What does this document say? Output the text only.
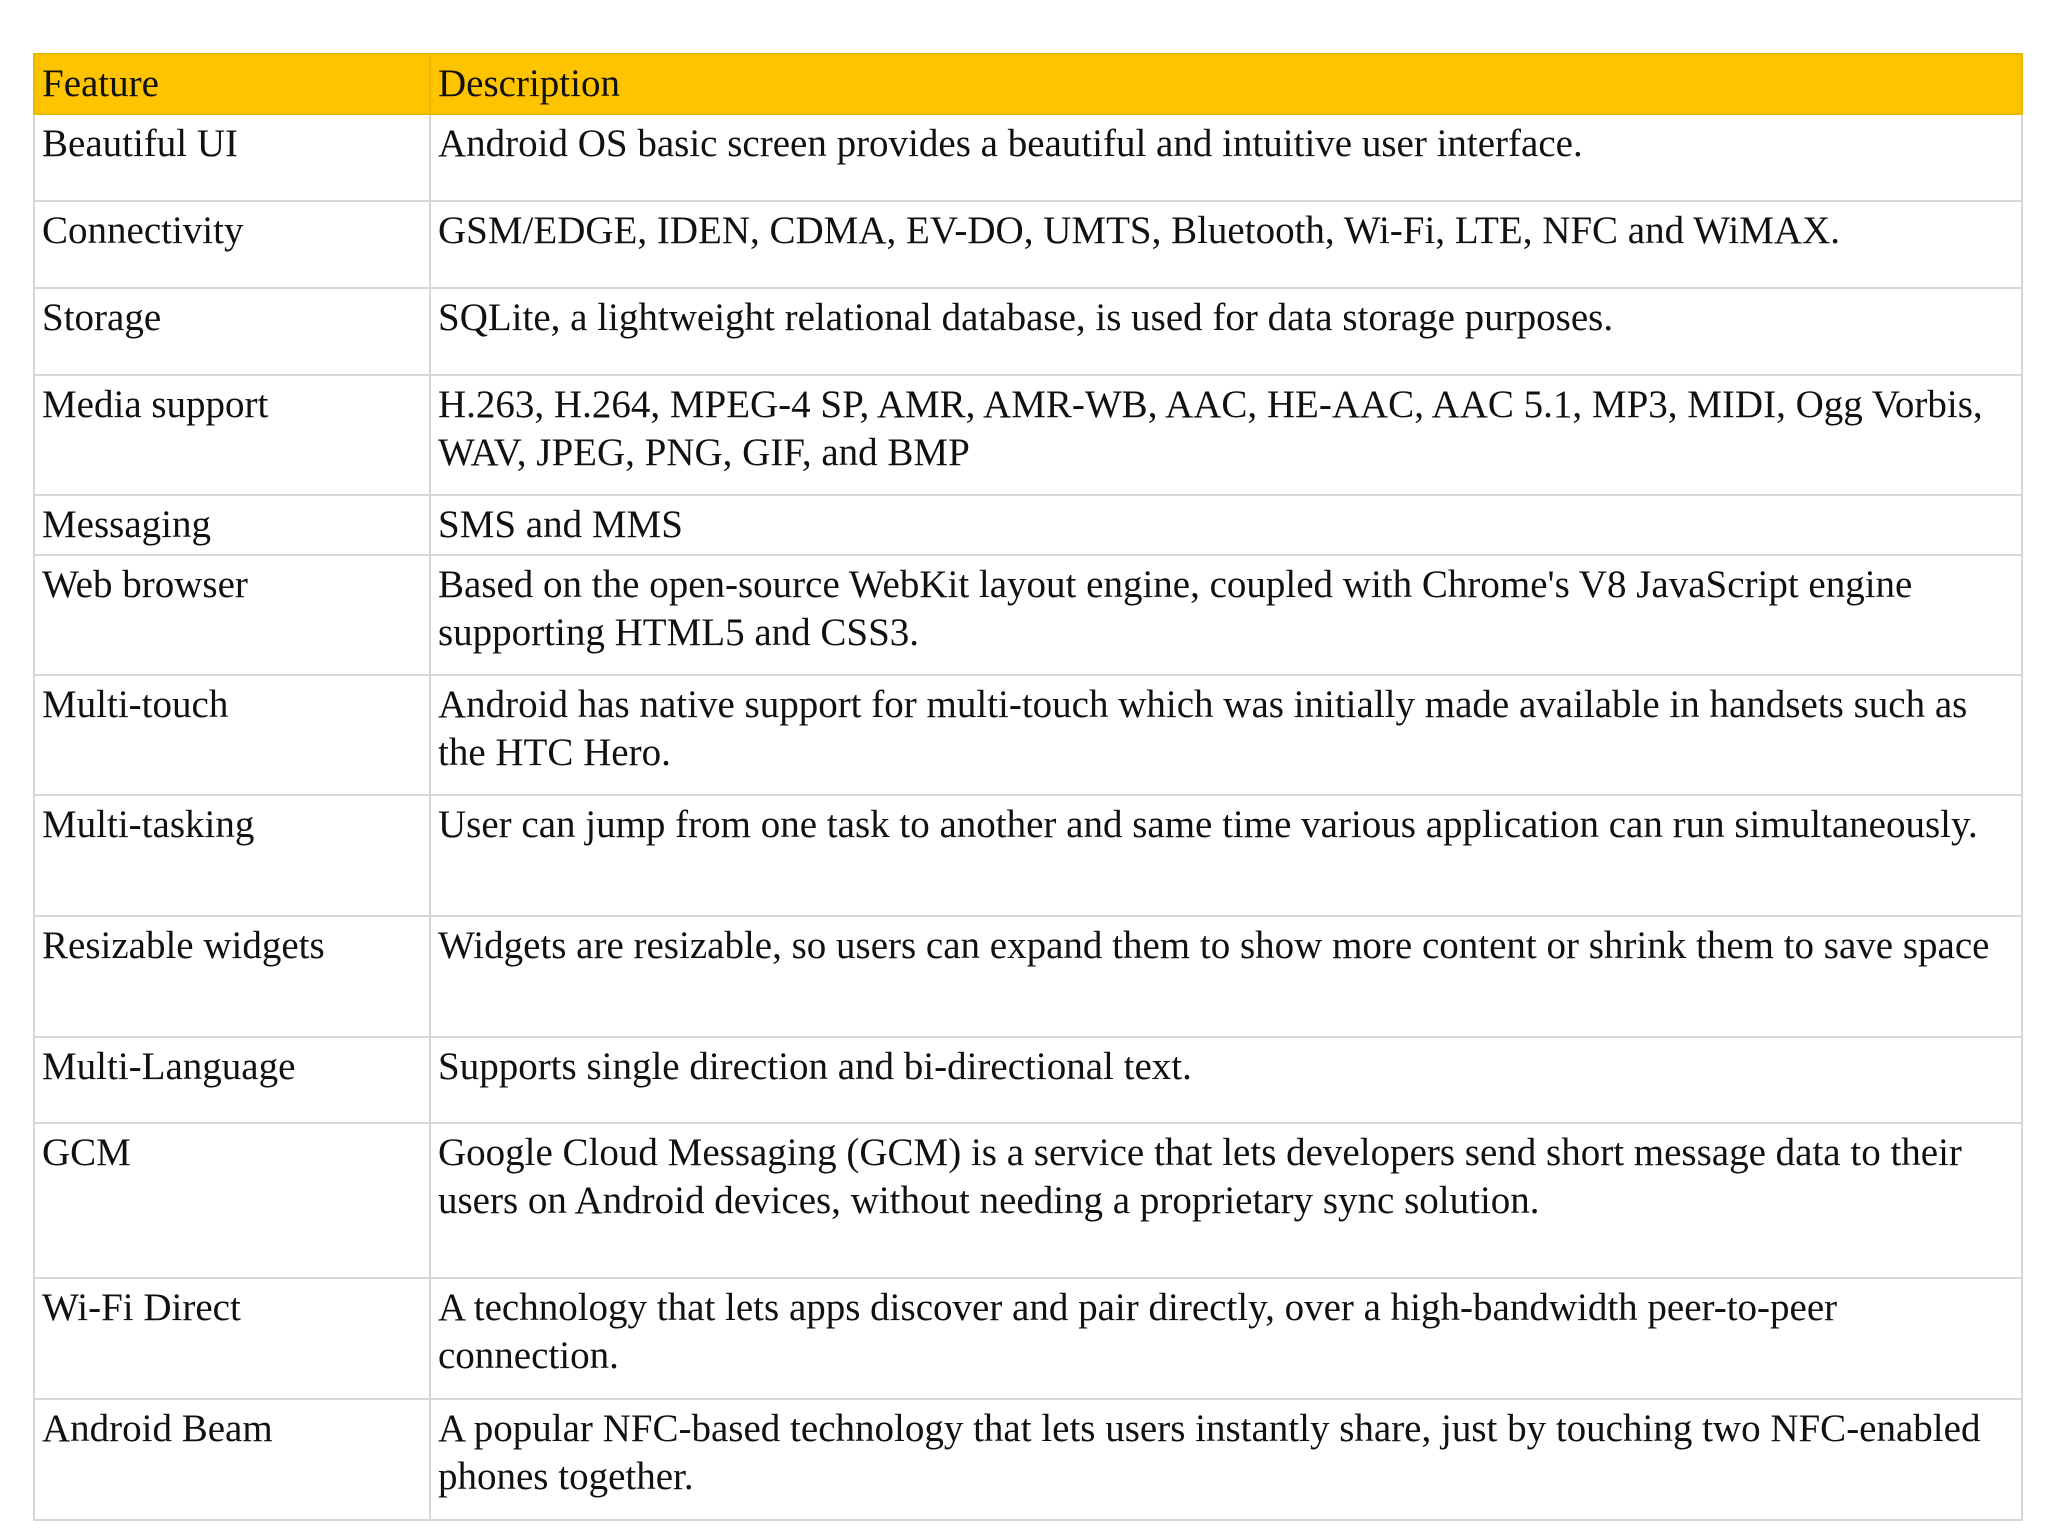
Feature	Description
Beautiful UI	Android OS basic screen provides a beautiful and intuitive user interface.
Connectivity	GSM/EDGE, IDEN, CDMA, EV-DO, UMTS, Bluetooth, Wi-Fi, LTE, NFC and WiMAX.
Storage	SQLite, a lightweight relational database, is used for data storage purposes.
Media support	H.263, H.264, MPEG-4 SP, AMR, AMR-WB, AAC, HE-AAC, AAC 5.1, MP3, MIDI, Ogg Vorbis, WAV, JPEG, PNG, GIF, and BMP
Messaging	SMS and MMS
Web browser	Based on the open-source WebKit layout engine, coupled with Chrome's V8 JavaScript engine supporting HTML5 and CSS3.
Multi-touch	Android has native support for multi-touch which was initially made available in handsets such as the HTC Hero.
Multi-tasking	User can jump from one task to another and same time various application can run simultaneously.
Resizable widgets	Widgets are resizable, so users can expand them to show more content or shrink them to save space
Multi-Language	Supports single direction and bi-directional text.
GCM	Google Cloud Messaging (GCM) is a service that lets developers send short message data to their users on Android devices, without needing a proprietary sync solution.
Wi-Fi Direct	A technology that lets apps discover and pair directly, over a high-bandwidth peer-to-peer connection.
Android Beam	A popular NFC-based technology that lets users instantly share, just by touching two NFC-enabled phones together.
